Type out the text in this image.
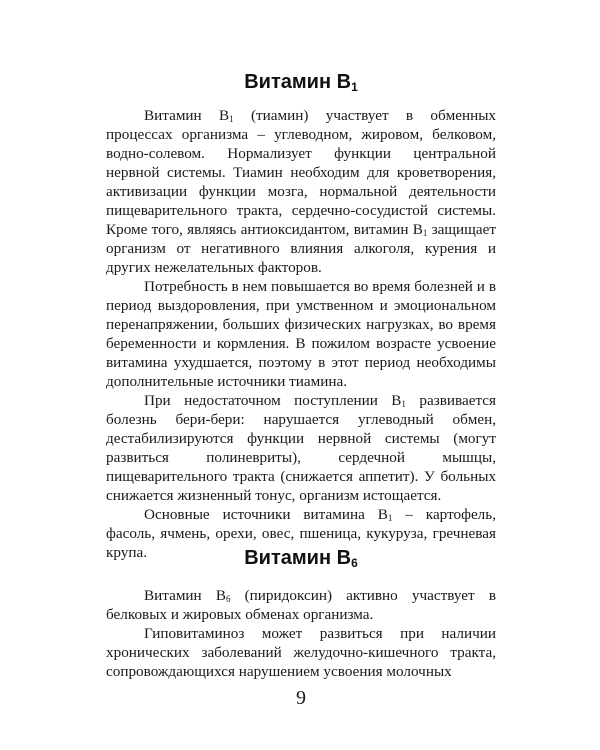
Витамин $B_1$

Витамин $B_1$ (тиамин) участвует в обменных процессах организма – углеводном, жировом, белковом, водно-солевом. Нормализует функции центральной нервной системы. Тиамин необходим для кроветворения, активизации функции мозга, нормальной деятельности пищеварительного тракта, сердечно-сосудистой системы. Кроме того, являясь антиоксидантом, витамин $B_1$ защищает организм от негативного влияния алкоголя, курения и других нежелательных факторов.

Потребность в нем повышается во время болезней и в период выздоровления, при умственном и эмоциональном перенапряжении, больших физических нагрузках, во время беременности и кормления. В пожилом возрасте усвоение витамина ухудшается, поэтому в этот период необходимы дополнительные источники тиамина.

При недостаточном поступлении $B_1$ развивается болезнь бери-бери: нарушается углеводный обмен, дестабилизируются функции нервной системы (могут развиться полиневриты), сердечной мышцы, пищеварительного тракта (снижается аппетит). У больных снижается жизненный тонус, организм истощается.

Основные источники витамина $B_1$ – картофель, фасоль, ячмень, орехи, овес, пшеница, кукуруза, гречневая крупа.	Витамин $B_6$

Витамин $B_6$ (пиридоксин) активно участвует в белковых и жировых обменах организма.

Гиповитаминоз может развиться при наличии хронических заболеваний желудочно-кишечного тракта, сопровождающихся нарушением усвоения молочных

9
